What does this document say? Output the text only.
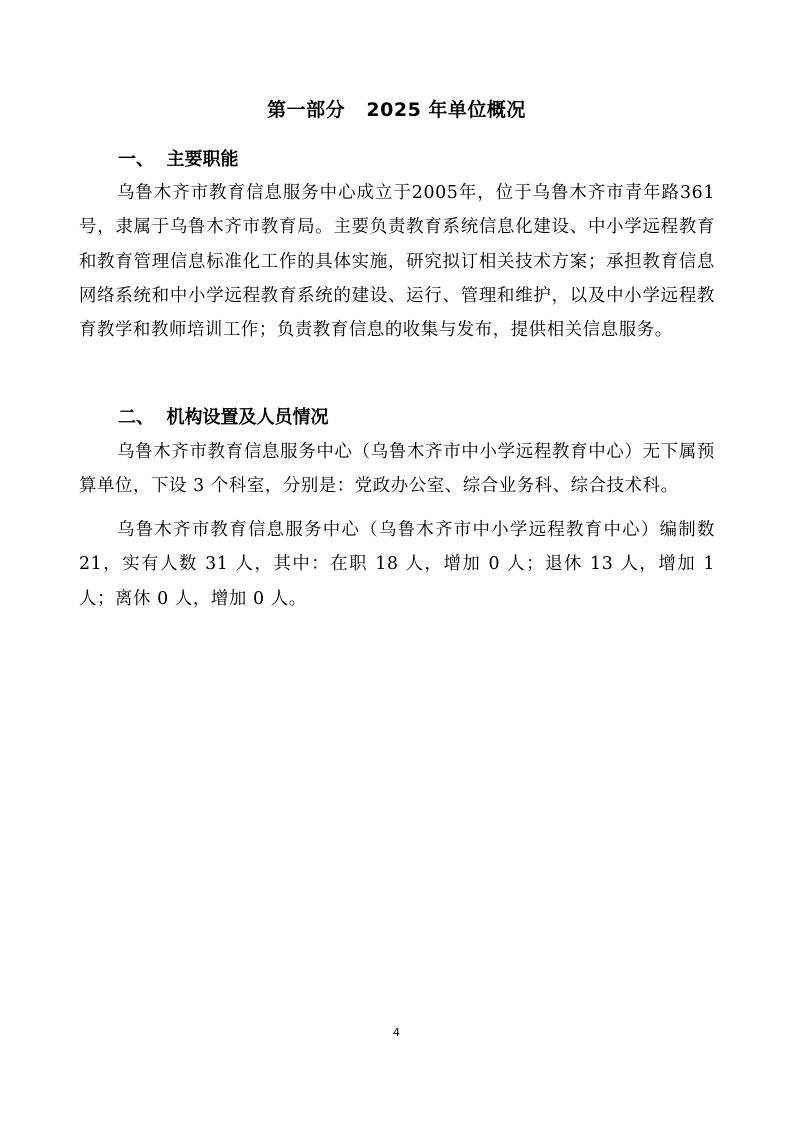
第一部分   2025 年单位概况
一、  主要职能

乌鲁木齐市教育信息服务中心成立于2005年，位于乌鲁木齐市青年路361号，隶属于乌鲁木齐市教育局。主要负责教育系统信息化建设、中小学远程教育和教育管理信息标准化工作的具体实施，研究拟订相关技术方案；承担教育信息网络系统和中小学远程教育系统的建设、运行、管理和维护，以及中小学远程教育教学和教师培训工作；负责教育信息的收集与发布，提供相关信息服务。

二、  机构设置及人员情况

乌鲁木齐市教育信息服务中心（乌鲁木齐市中小学远程教育中心）无下属预算单位，下设 3 个科室，分别是：党政办公室、综合业务科、综合技术科。

乌鲁木齐市教育信息服务中心（乌鲁木齐市中小学远程教育中心）编制数21，实有人数 31 人，其中：在职 18 人，增加 0 人；退休 13 人，增加 1 人；离休 0 人，增加 0 人。

4
